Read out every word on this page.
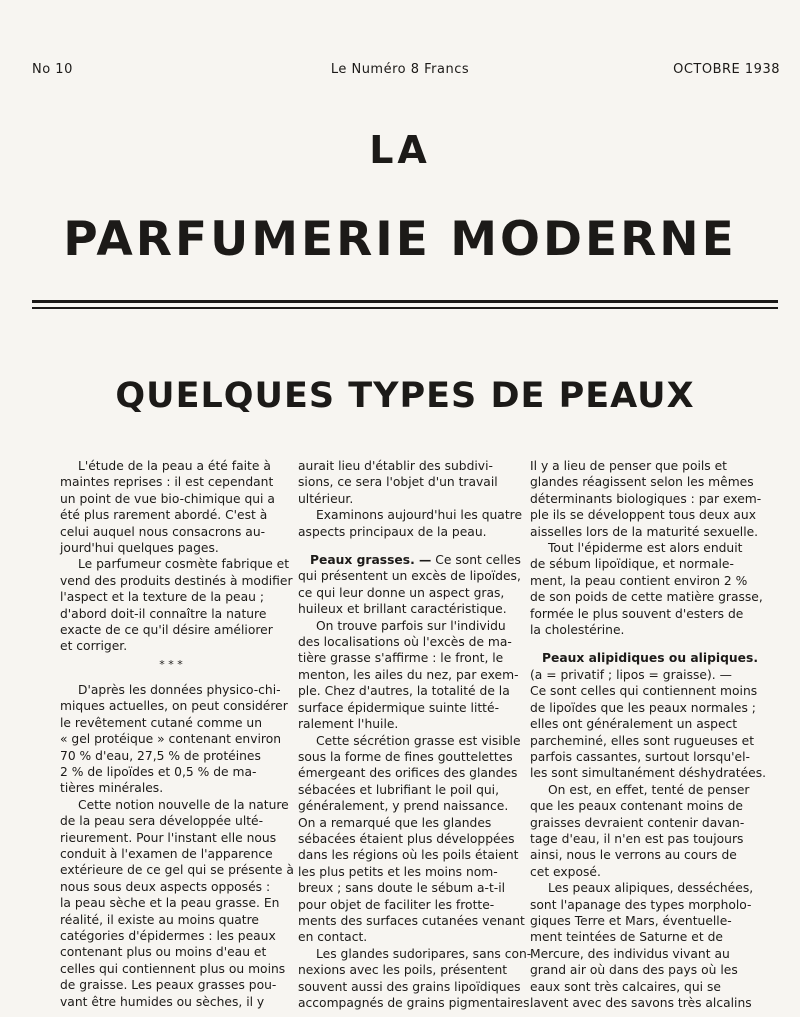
No 10	Le Numéro 8 Francs	OCTOBRE 1938
LA
PARFUMERIE MODERNE
QUELQUES TYPES DE PEAUX

L'étude de la peau a été faite à

maintes reprises : il est cependant

un point de vue bio-chimique qui a

été plus rarement abordé. C'est à

celui auquel nous consacrons au-

jourd'hui quelques pages.

Le parfumeur cosmète fabrique et

vend des produits destinés à modifier

l'aspect et la texture de la peau ;

d'abord doit-il connaître la nature

exacte de ce qu'il désire améliorer

et corriger.

* * *

D'après les données physico-chi-

miques actuelles, on peut considérer

le revêtement cutané comme un

« gel protéique » contenant environ

70 % d'eau, 27,5 % de protéines

2 % de lipoïdes et 0,5 % de ma-

tières minérales.

Cette notion nouvelle de la nature

de la peau sera développée ulté-

rieurement. Pour l'instant elle nous

conduit à l'examen de l'apparence

extérieure de ce gel qui se présente à

nous sous deux aspects opposés :

la peau sèche et la peau grasse. En

réalité, il existe au moins quatre

catégories d'épidermes : les peaux

contenant plus ou moins d'eau et

celles qui contiennent plus ou moins

de graisse. Les peaux grasses pou-

vant être humides ou sèches, il y

aurait lieu d'établir des subdivi-

sions, ce sera l'objet d'un travail

ultérieur.

Examinons aujourd'hui les quatre

aspects principaux de la peau.

Peaux grasses. — Ce sont celles

qui présentent un excès de lipoïdes,

ce qui leur donne un aspect gras,

huileux et brillant caractéristique.

On trouve parfois sur l'individu

des localisations où l'excès de ma-

tière grasse s'affirme : le front, le

menton, les ailes du nez, par exem-

ple. Chez d'autres, la totalité de la

surface épidermique suinte litté-

ralement l'huile.

Cette sécrétion grasse est visible

sous la forme de fines gouttelettes

émergeant des orifices des glandes

sébacées et lubrifiant le poil qui,

généralement, y prend naissance.

On a remarqué que les glandes

sébacées étaient plus développées

dans les régions où les poils étaient

les plus petits et les moins nom-

breux ; sans doute le sébum a-t-il

pour objet de faciliter les frotte-

ments des surfaces cutanées venant

en contact.

Les glandes sudoripares, sans con-

nexions avec les poils, présentent

souvent aussi des grains lipoïdiques

accompagnés de grains pigmentaires.

Il y a lieu de penser que poils et

glandes réagissent selon les mêmes

déterminants biologiques : par exem-

ple ils se développent tous deux aux

aisselles lors de la maturité sexuelle.

Tout l'épiderme est alors enduit

de sébum lipoïdique, et normale-

ment, la peau contient environ 2 %

de son poids de cette matière grasse,

formée le plus souvent d'esters de

la cholestérine.

Peaux alipidiques ou alipiques.

(a = privatif ; lipos = graisse). —

Ce sont celles qui contiennent moins

de lipoïdes que les peaux normales ;

elles ont généralement un aspect

parcheminé, elles sont rugueuses et

parfois cassantes, surtout lorsqu'el-

les sont simultanément déshydratées.

On est, en effet, tenté de penser

que les peaux contenant moins de

graisses devraient contenir davan-

tage d'eau, il n'en est pas toujours

ainsi, nous le verrons au cours de

cet exposé.

Les peaux alipiques, desséchées,

sont l'apanage des types morpholo-

giques Terre et Mars, éventuelle-

ment teintées de Saturne et de

Mercure, des individus vivant au

grand air où dans des pays où les

eaux sont très calcaires, qui se

lavent avec des savons très alcalins
